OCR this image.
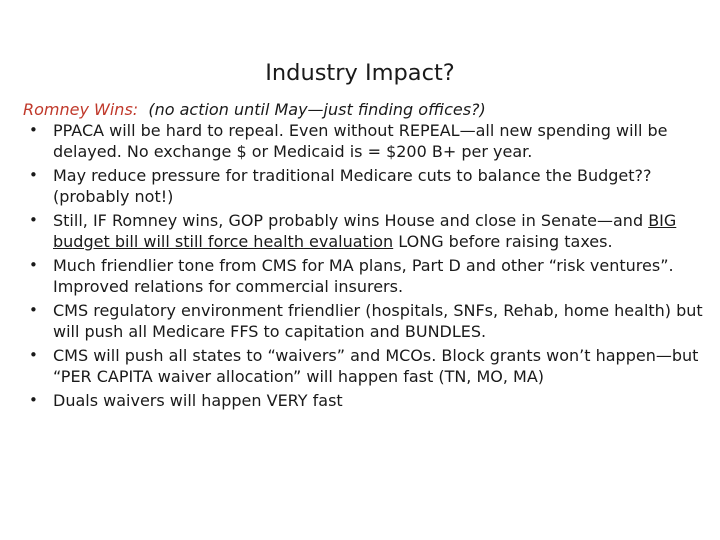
Industry Impact?
Romney Wins: (no action until May—just finding offices?)
• PPACA will be hard to repeal. Even without REPEAL—all new spending will be delayed. No exchange $ or Medicaid is = $200 B+ per year.
• May reduce pressure for traditional Medicare cuts to balance the Budget?? (probably not!)
• Still, IF Romney wins, GOP probably wins House and close in Senate—and BIG budget bill will still force health evaluation LONG before raising taxes.
• Much friendlier tone from CMS for MA plans, Part D and other “risk ventures”. Improved relations for commercial insurers.
• CMS regulatory environment friendlier (hospitals, SNFs, Rehab, home health) but will push all Medicare FFS to capitation and BUNDLES.
• CMS will push all states to “waivers” and MCOs. Block grants won’t happen—but “PER CAPITA waiver allocation” will happen fast (TN, MO, MA)
• Duals waivers will happen VERY fast
